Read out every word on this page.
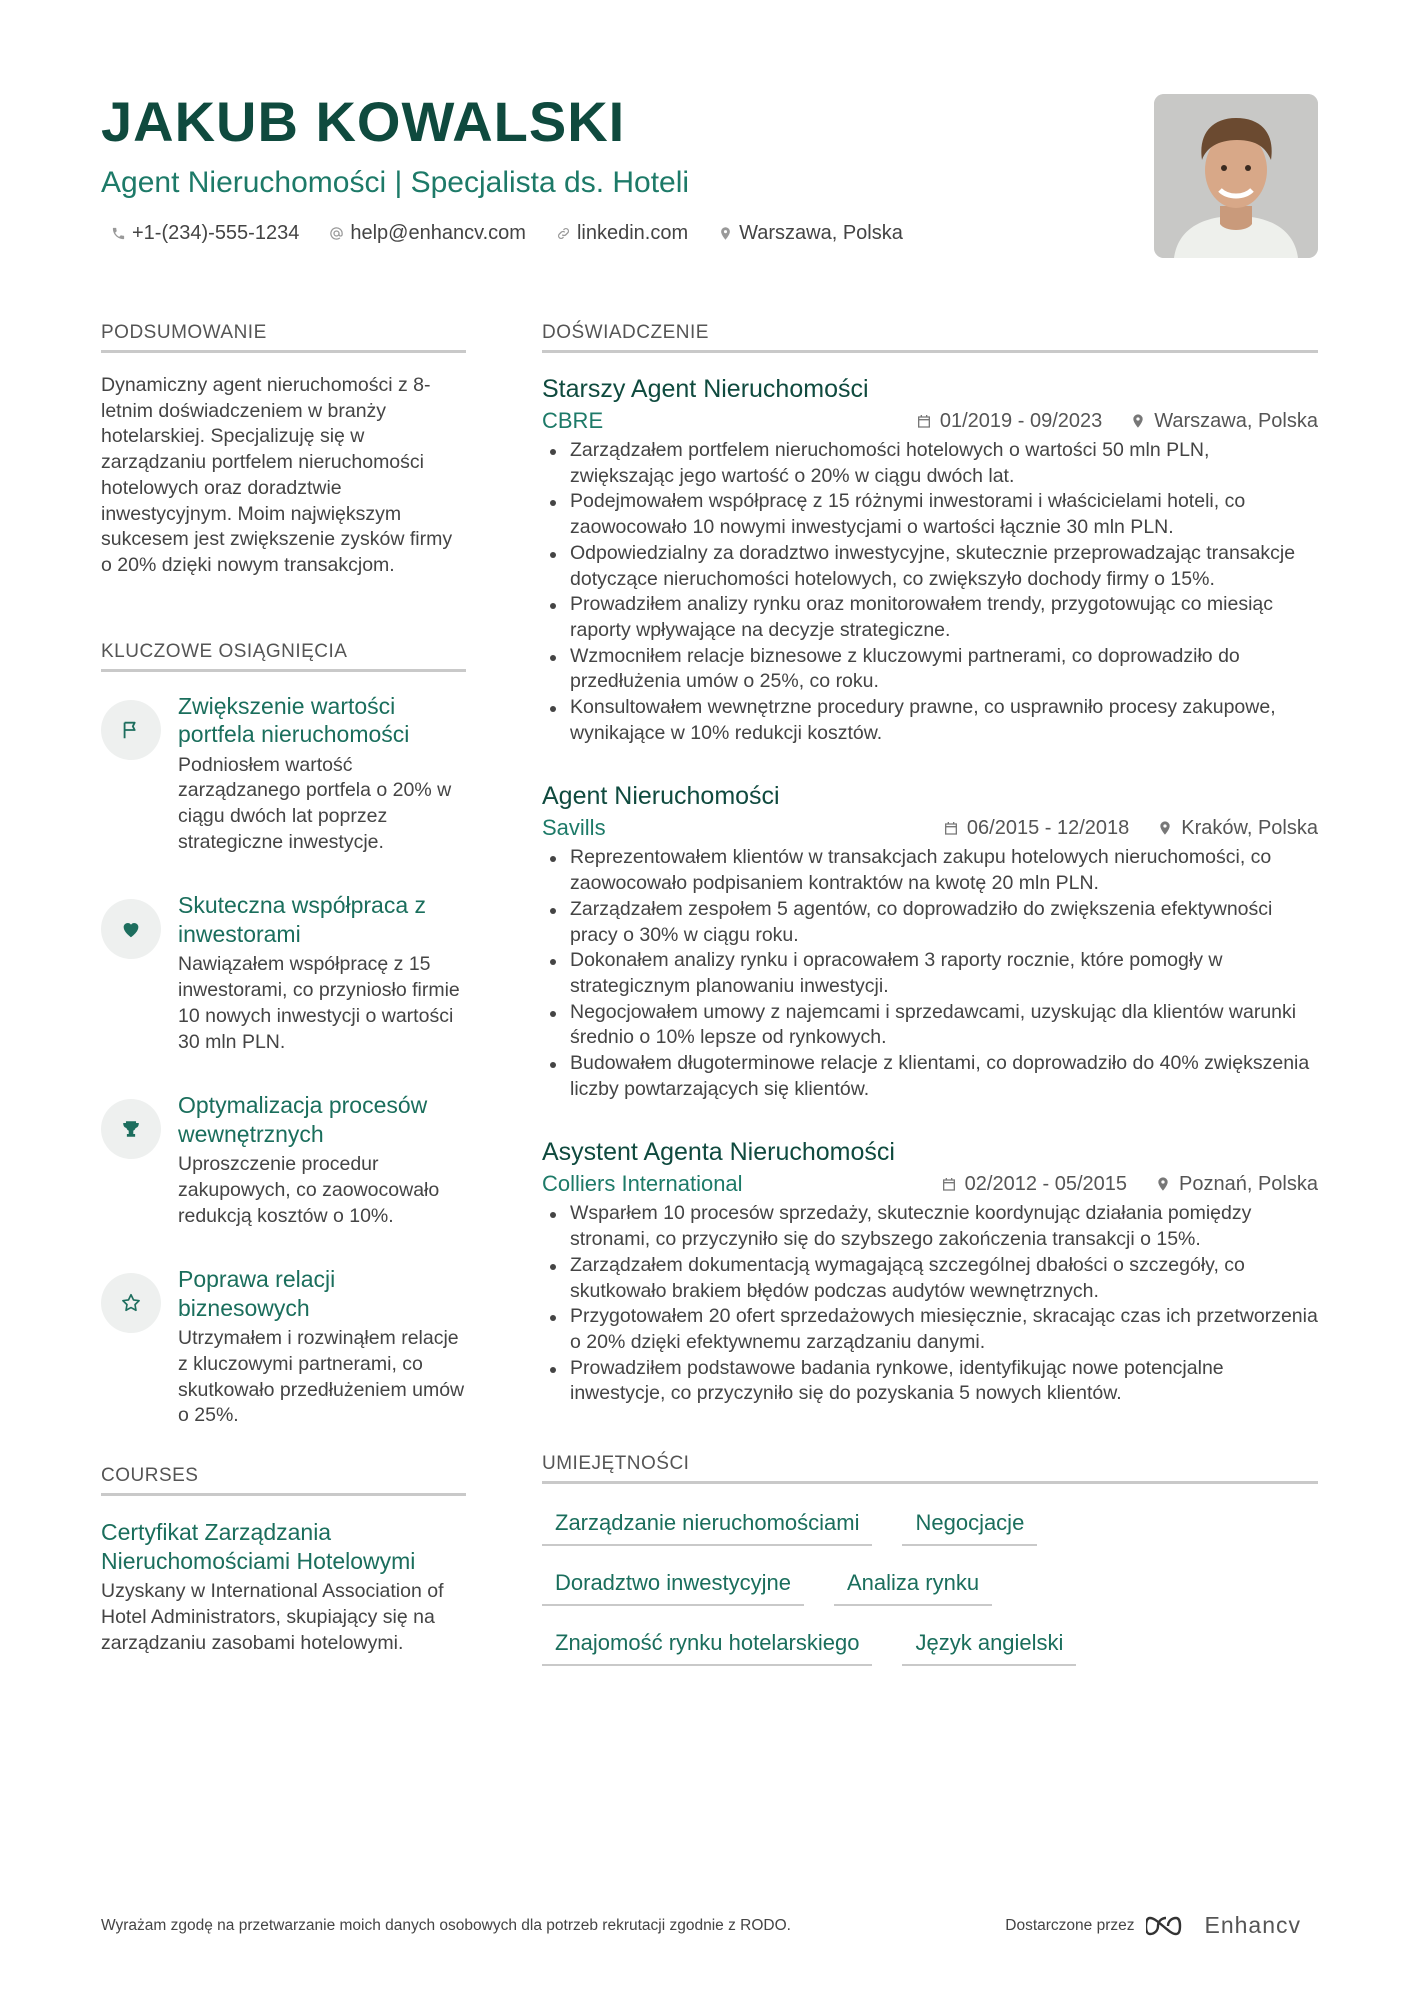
JAKUB KOWALSKI
Agent Nieruchomości | Specjalista ds. Hoteli
+1-(234)-555-1234	help@enhancv.com	linkedin.com	Warszawa, Polska
PODSUMOWANIE
Dynamiczny agent nieruchomości z 8-letnim doświadczeniem w branży hotelarskiej. Specjalizuję się w zarządzaniu portfelem nieruchomości hotelowych oraz doradztwie inwestycyjnym. Moim największym sukcesem jest zwiększenie zysków firmy o 20% dzięki nowym transakcjom.
KLUCZOWE OSIĄGNIĘCIA
Zwiększenie wartości portfela nieruchomości
Podniosłem wartość zarządzanego portfela o 20% w ciągu dwóch lat poprzez strategiczne inwestycje.
Skuteczna współpraca z inwestorami
Nawiązałem współpracę z 15 inwestorami, co przyniosło firmie 10 nowych inwestycji o wartości 30 mln PLN.
Optymalizacja procesów wewnętrznych
Uproszczenie procedur zakupowych, co zaowocowało redukcją kosztów o 10%.
Poprawa relacji biznesowych
Utrzymałem i rozwinąłem relacje z kluczowymi partnerami, co skutkowało przedłużeniem umów o 25%.
COURSES
Certyfikat Zarządzania Nieruchomościami Hotelowymi
Uzyskany w International Association of Hotel Administrators, skupiający się na zarządzaniu zasobami hotelowymi.
DOŚWIADCZENIE
Starszy Agent Nieruchomości
CBRE	01/2019 - 09/2023	Warszawa, Polska
Zarządzałem portfelem nieruchomości hotelowych o wartości 50 mln PLN, zwiększając jego wartość o 20% w ciągu dwóch lat.
Podejmowałem współpracę z 15 różnymi inwestorami i właścicielami hoteli, co zaowocowało 10 nowymi inwestycjami o wartości łącznie 30 mln PLN.
Odpowiedzialny za doradztwo inwestycyjne, skutecznie przeprowadzając transakcje dotyczące nieruchomości hotelowych, co zwiększyło dochody firmy o 15%.
Prowadziłem analizy rynku oraz monitorowałem trendy, przygotowując co miesiąc raporty wpływające na decyzje strategiczne.
Wzmocniłem relacje biznesowe z kluczowymi partnerami, co doprowadziło do przedłużenia umów o 25%, co roku.
Konsultowałem wewnętrzne procedury prawne, co usprawniło procesy zakupowe, wynikające w 10% redukcji kosztów.
Agent Nieruchomości
Savills	06/2015 - 12/2018	Kraków, Polska
Reprezentowałem klientów w transakcjach zakupu hotelowych nieruchomości, co zaowocowało podpisaniem kontraktów na kwotę 20 mln PLN.
Zarządzałem zespołem 5 agentów, co doprowadziło do zwiększenia efektywności pracy o 30% w ciągu roku.
Dokonałem analizy rynku i opracowałem 3 raporty rocznie, które pomogły w strategicznym planowaniu inwestycji.
Negocjowałem umowy z najemcami i sprzedawcami, uzyskując dla klientów warunki średnio o 10% lepsze od rynkowych.
Budowałem długoterminowe relacje z klientami, co doprowadziło do 40% zwiększenia liczby powtarzających się klientów.
Asystent Agenta Nieruchomości
Colliers International	02/2012 - 05/2015	Poznań, Polska
Wsparłem 10 procesów sprzedaży, skutecznie koordynując działania pomiędzy stronami, co przyczyniło się do szybszego zakończenia transakcji o 15%.
Zarządzałem dokumentacją wymagającą szczególnej dbałości o szczegóły, co skutkowało brakiem błędów podczas audytów wewnętrznych.
Przygotowałem 20 ofert sprzedażowych miesięcznie, skracając czas ich przetworzenia o 20% dzięki efektywnemu zarządzaniu danymi.
Prowadziłem podstawowe badania rynkowe, identyfikując nowe potencjalne inwestycje, co przyczyniło się do pozyskania 5 nowych klientów.
UMIEJĘTNOŚCI
Zarządzanie nieruchomościami	Negocjacje
Doradztwo inwestycyjne	Analiza rynku
Znajomość rynku hotelarskiego	Język angielski
Wyrażam zgodę na przetwarzanie moich danych osobowych dla potrzeb rekrutacji zgodnie z RODO.	Dostarczone przez	Enhancv
